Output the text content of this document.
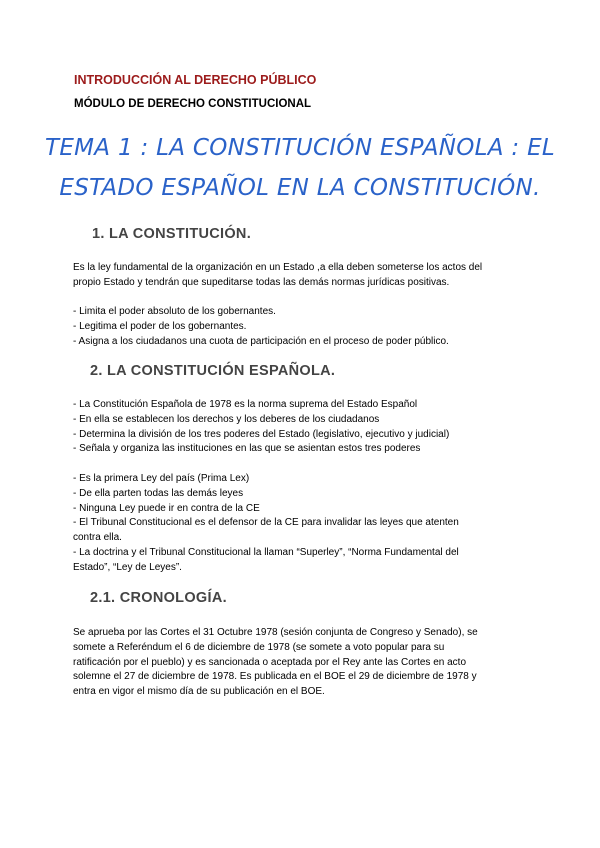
INTRODUCCIÓN AL DERECHO PÚBLICO
MÓDULO DE DERECHO CONSTITUCIONAL
TEMA 1 : LA CONSTITUCIÓN ESPAÑOLA : EL
ESTADO ESPAÑOL EN LA CONSTITUCIÓN.
1. LA CONSTITUCIÓN.

Es la ley fundamental de la organización en un Estado ,a ella deben someterse los actos del

propio Estado y tendrán que supeditarse todas las demás normas jurídicas positivas.

- Limita el poder absoluto de los gobernantes.

- Legitima el poder de los gobernantes.

- Asigna a los ciudadanos una cuota de participación en el proceso de poder público.

2. LA CONSTITUCIÓN ESPAÑOLA.

- La Constitución Española de 1978 es la norma suprema del Estado Español

- En ella se establecen los derechos y los deberes de los ciudadanos

- Determina la división de los tres poderes del Estado (legislativo, ejecutivo y judicial)

- Señala y organiza las instituciones en las que se asientan estos tres poderes

- Es la primera Ley del país (Prima Lex)

- De ella parten todas las demás leyes

- Ninguna Ley puede ir en contra de la CE

- El Tribunal Constitucional es el defensor de la CE para invalidar las leyes que atenten

contra ella.

- La doctrina y el Tribunal Constitucional la llaman “Superley”, “Norma Fundamental del

Estado”, “Ley de Leyes”.

2.1. CRONOLOGÍA.

Se aprueba por las Cortes el 31 Octubre 1978 (sesión conjunta de Congreso y Senado), se

somete a Referéndum el 6 de diciembre de 1978 (se somete a voto popular para su

ratificación por el pueblo) y es sancionada o aceptada por el Rey ante las Cortes en acto

solemne el 27 de diciembre de 1978. Es publicada en el BOE el 29 de diciembre de 1978 y

entra en vigor el mismo día de su publicación en el BOE.
